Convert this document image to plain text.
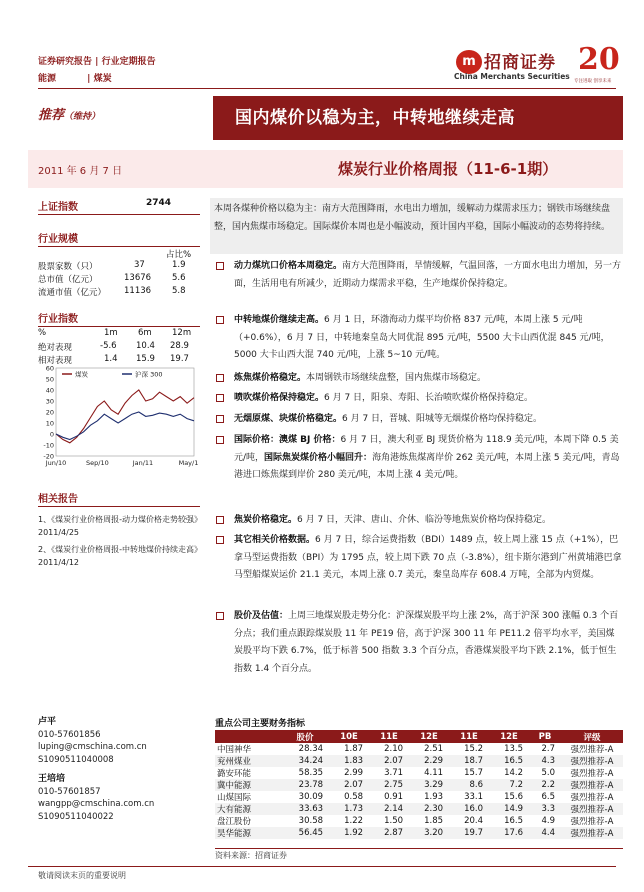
证券研究报告 | 行业定期报告
能源	| 煤炭
m 招商证券
China Merchants Securities 20
专注进取 创享未来
推荐（维持）	国内煤价以稳为主，中转地继续走高
2011 年 6 月 7 日	煤炭行业价格周报（11-6-1期）
上证指数	2744
行业规模
占比%
股票家数（只）	37	1.9
总市值（亿元）	13676 5.6
流通市值（亿元） 11136 5.8
行业指数
%	1m 6m 12m
绝对表现	-5.6 10.4 28.9
相对表现	1.4 15.9 19.7
相关报告
1、《煤炭行业价格周报-动力煤价格走势较强》2011/4/25
2、《煤炭行业价格周报-中转地煤价持续走高》2011/4/12
60
50
40
30
20
10
0
-10
-20
Jun/10	Sep/10	Jan/11	May/1
煤炭	沪深 300
卢平
010-57601856
luping@cmschina.com.cn
S1090511040008
王培培
010-57601857
wangpp@cmschina.com.cn
S1090511040022
本周各煤种价格以稳为主：南方大范围降雨，水电出力增加，缓解动力煤需求压力；钢铁市场继续盘整，国内焦煤市场稳定。国际煤价本周也是小幅波动，预计国内平稳，国际小幅波动的态势将持续。
动力煤坑口价格本周稳定。南方大范围降雨，旱情缓解，气温回落，一方面水电出力增加，另一方面，生活用电有所减少，近期动力煤需求平稳，生产地煤价保持稳定。
中转地煤价继续走高。6 月 1 日，环渤海动力煤平均价格 837 元/吨，本周上涨 5 元/吨（+0.6%），6 月 7 日，中转地秦皇岛大同优混 895 元/吨，5500 大卡山西优混 845 元/吨， 5000 大卡山西大混 740 元/吨，上涨 5~10 元/吨。
炼焦煤价格稳定。本周钢铁市场继续盘整，国内焦煤市场稳定。
喷吹煤价格保持稳定。6 月 7 日，阳泉、寿阳、长治喷吹煤价格保持稳定。
无烟原煤、块煤价格稳定。6 月 7 日，晋城、阳城等无烟煤价格均保持稳定。
国际价格：澳煤 BJ 价格：6 月 7 日，澳大利亚 BJ 现货价格为 118.9 美元/吨，本周下降 0.5 美元/吨，国际焦炭煤价格小幅回升：海角港炼焦煤离岸价 262 美元/吨，本周上涨 5 美元/吨，青岛港进口炼焦煤到岸价 280 美元/吨，本周上涨 4 美元/吨。
焦炭价格稳定。6 月 7 日，天津、唐山、介休、临汾等地焦炭价格均保持稳定。
其它相关价格数据。6 月 7 日，综合运费指数（BDI）1489 点，较上周上涨 15 点（+1%），巴拿马型运费指数（BPI）为 1795 点，较上周下跌 70 点（-3.8%），纽卡斯尔港到广州黄埔港巴拿马型船煤炭运价 21.1 美元，本周上涨 0.7 美元，秦皇岛库存 608.4 万吨，全部为内贸煤。
股价及估值：上周三地煤炭股走势分化：沪深煤炭股平均上涨 2%，高于沪深 300 涨幅 0.3 个百分点；我们重点跟踪煤炭股 11 年 PE19 倍，高于沪深 300 11 年 PE11.2 倍平均水平，美国煤炭股平均下跌 6.7%，低于标普 500 指数 3.3 个百分点，香港煤炭股平均下跌 2.1%，低于恒生指数 1.4 个百分点。
重点公司主要财务指标
	股价	10E	11E	12E	11E	12E	PB	评级
中国神华	28.34	1.87	2.10	2.51	15.2	13.5	2.7	强烈推荐-A
兖州煤业	34.24	1.83	2.07	2.29	18.7	16.5	4.3	强烈推荐-A
潞安环能	58.35	2.99	3.71	4.11	15.7	14.2	5.0	强烈推荐-A
冀中能源	23.78	2.07	2.75	3.29	8.6	7.2	2.2	强烈推荐-A
山煤国际	30.09	0.58	0.91	1.93	33.1	15.6	6.5	强烈推荐-A
大有能源	33.63	1.73	2.14	2.30	16.0	14.9	3.3	强烈推荐-A
盘江股份	30.58	1.22	1.50	1.85	20.4	16.5	4.9	强烈推荐-A
昊华能源	56.45	1.92	2.87	3.20	19.7	17.6	4.4	强烈推荐-A
资料来源：招商证券
敬请阅读末页的重要说明
